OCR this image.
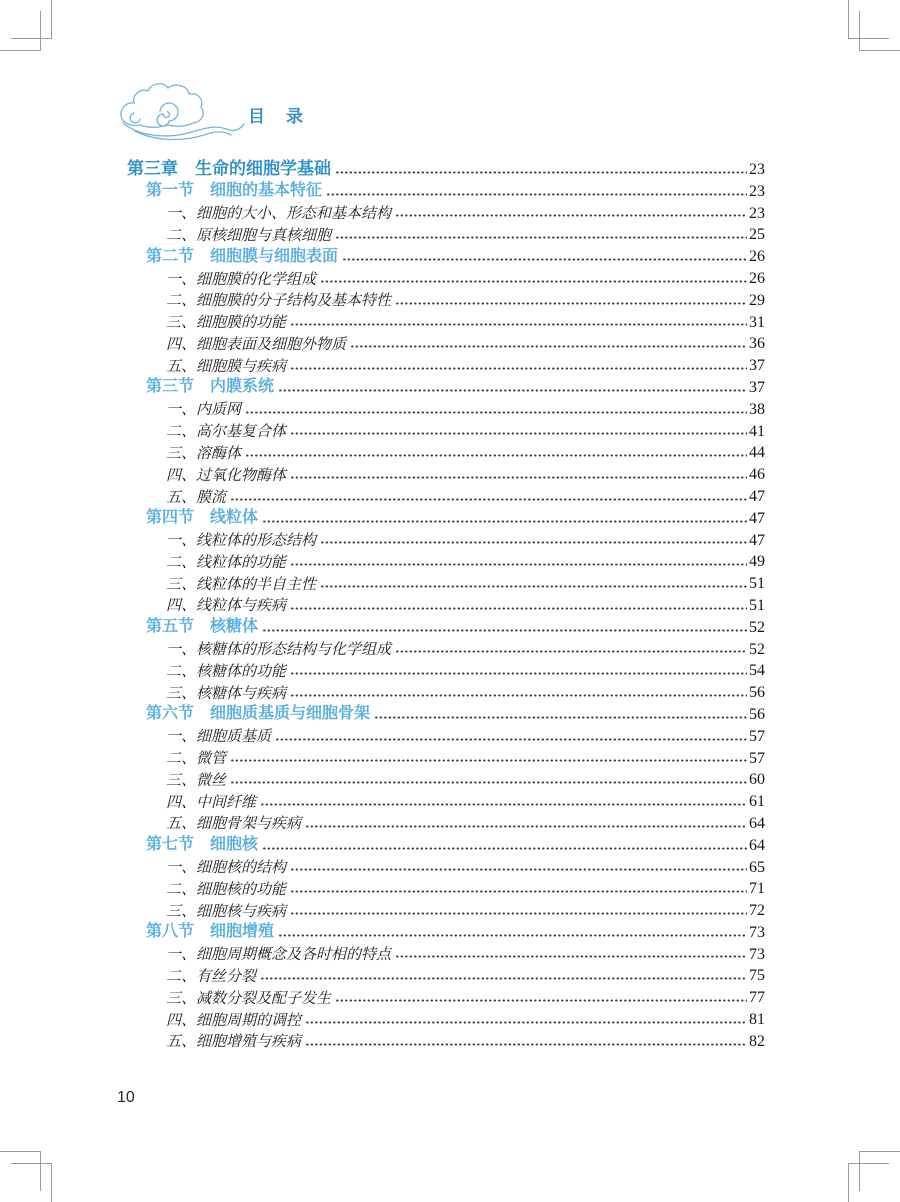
目　录
第三章　生命的细胞学基础	23
第一节　细胞的基本特征	23
一、细胞的大小、形态和基本结构	23
二、原核细胞与真核细胞	25
第二节　细胞膜与细胞表面	26
一、细胞膜的化学组成	26
二、细胞膜的分子结构及基本特性	29
三、细胞膜的功能	31
四、细胞表面及细胞外物质	36
五、细胞膜与疾病	37
第三节　内膜系统	37
一、内质网	38
二、高尔基复合体	41
三、溶酶体	44
四、过氧化物酶体	46
五、膜流	47
第四节　线粒体	47
一、线粒体的形态结构	47
二、线粒体的功能	49
三、线粒体的半自主性	51
四、线粒体与疾病	51
第五节　核糖体	52
一、核糖体的形态结构与化学组成	52
二、核糖体的功能	54
三、核糖体与疾病	56
第六节　细胞质基质与细胞骨架	56
一、细胞质基质	57
二、微管	57
三、微丝	60
四、中间纤维	61
五、细胞骨架与疾病	64
第七节　细胞核	64
一、细胞核的结构	65
二、细胞核的功能	71
三、细胞核与疾病	72
第八节　细胞增殖	73
一、细胞周期概念及各时相的特点	73
二、有丝分裂	75
三、减数分裂及配子发生	77
四、细胞周期的调控	81
五、细胞增殖与疾病	82
10
